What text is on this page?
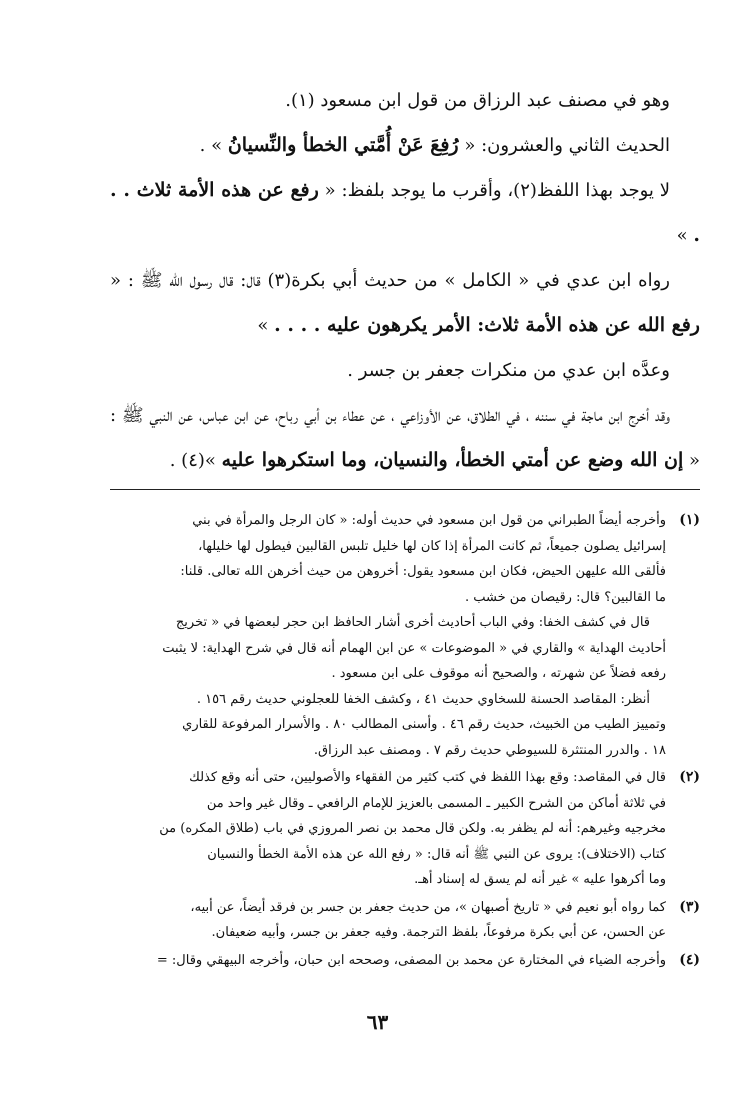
وهو في مصنف عبد الرزاق من قول ابن مسعود (١).

الحديث الثاني والعشرون: « رُفِعَ عَنْ أُمَّتي الخطأ والنِّسيانُ » .

لا يوجد بهذا اللفظ(٢)، وأقرب ما يوجد بلفظ: « رفع عن هذه الأمة ثلاث . . . »

رواه ابن عدي في « الكامل » من حديث أبي بكرة(٣) قال: قال رسول الله ﷺ : « رفع الله عن هذه الأمة ثلاث: الأمر يكرهون عليه . . . . »

وعدَّه ابن عدي من منكرات جعفر بن جسر .

وقد أخرج ابن ماجة في سننه ، في الطلاق، عن الأوزاعي ، عن عطاء بن أبي رباح، عن ابن عباس، عن النبي ﷺ : « إن الله وضع عن أمتي الخطأ، والنسيان، وما استكرهوا عليه »(٤) .

(١)
وأخرجه أيضاً الطبراني من قول ابن مسعود في حديث أوله: « كان الرجل والمرأة في بني
إسرائيل يصلون جميعاً، ثم كانت المرأة إذا كان لها خليل تلبس القالبين فيطول لها خليلها،
فألقى الله عليهن الحيض، فكان ابن مسعود يقول: أخروهن من حيث أخرهن الله تعالى. قلنا:
ما القالبين؟ قال: رقيصان من خشب .
قال في كشف الخفا: وفي الباب أحاديث أخرى أشار الحافظ ابن حجر لبعضها في « تخريج
أحاديث الهداية » والقاري في « الموضوعات » عن ابن الهمام أنه قال في شرح الهداية: لا يثبت
رفعه فضلاً عن شهرته ، والصحيح أنه موقوف على ابن مسعود .
أنظر: المقاصد الحسنة للسخاوي حديث ٤١ ، وكشف الخفا للعجلوني حديث رقم ١٥٦ .
وتمييز الطيب من الخبيث، حديث رقم ٤٦ . وأسنى المطالب ٨٠ . والأسرار المرفوعة للقاري
١٨ . والدرر المنتثرة للسيوطي حديث رقم ٧ . ومصنف عبد الرزاق.
(٢)
قال في المقاصد: وقع بهذا اللفظ في كتب كثير من الفقهاء والأصوليين، حتى أنه وقع كذلك
في ثلاثة أماكن من الشرح الكبير ـ المسمى بالعزيز للإمام الرافعي ـ وقال غير واحد من
مخرجيه وغيرهم: أنه لم يظفر به. ولكن قال محمد بن نصر المروزي في باب (طلاق المكره) من
كتاب (الاختلاف): يروى عن النبي ﷺ أنه قال: « رفع الله عن هذه الأمة الخطأ والنسيان
وما أكرهوا عليه » غير أنه لم يسق له إسناد أهـ.
(٣)
كما رواه أبو نعيم في « تاريخ أصبهان »، من حديث جعفر بن جسر بن فرقد أيضاً، عن أبيه،
عن الحسن، عن أبي بكرة مرفوعاً، بلفظ الترجمة. وفيه جعفر بن جسر، وأبيه ضعيفان.
(٤)
وأخرجه الضياء في المختارة عن محمد بن المصفى، وصححه ابن حبان، وأخرجه البيهقي وقال: =
٦٣
